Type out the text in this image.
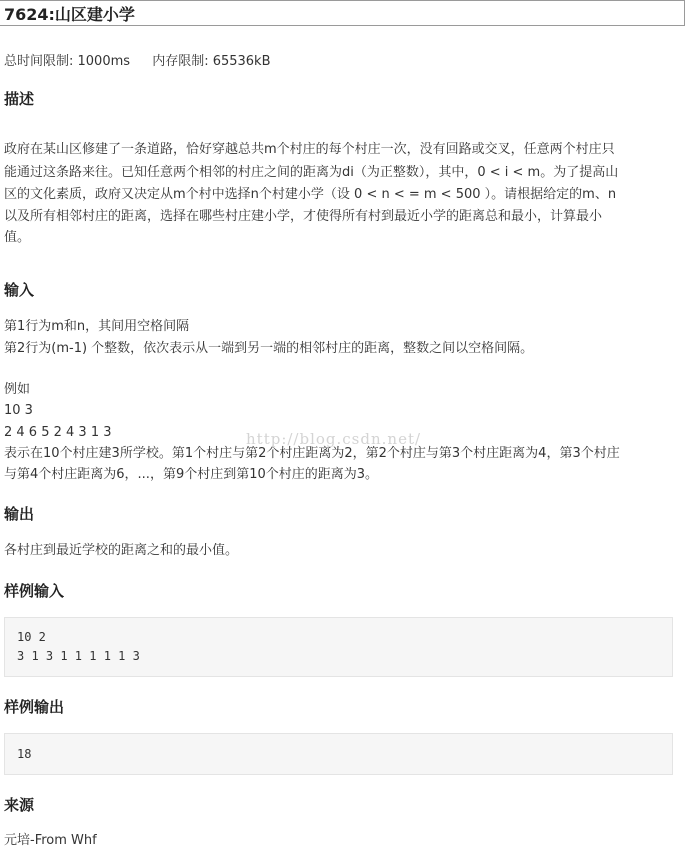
7624:山区建小学
总时间限制: 1000ms 内存限制: 65536kB
描述
政府在某山区修建了一条道路，恰好穿越总共m个村庄的每个村庄一次，没有回路或交叉，任意两个村庄只
能通过这条路来往。已知任意两个相邻的村庄之间的距离为di（为正整数），其中，0 < i < m。为了提高山
区的文化素质，政府又决定从m个村中选择n个村建小学（设 0 < n < = m < 500 ）。请根据给定的m、n
以及所有相邻村庄的距离，选择在哪些村庄建小学，才使得所有村到最近小学的距离总和最小，计算最小
值。
输入
第1行为m和n，其间用空格间隔
第2行为(m-1) 个整数，依次表示从一端到另一端的相邻村庄的距离，整数之间以空格间隔。
例如
10 3
2 4 6 5 2 4 3 1 3
表示在10个村庄建3所学校。第1个村庄与第2个村庄距离为2，第2个村庄与第3个村庄距离为4，第3个村庄
与第4个村庄距离为6，...，第9个村庄到第10个村庄的距离为3。
http://blog.csdn.net/
输出
各村庄到最近学校的距离之和的最小值。
样例输入
10 2
3 1 3 1 1 1 1 1 3
样例输出
18
来源
元培-From Whf
